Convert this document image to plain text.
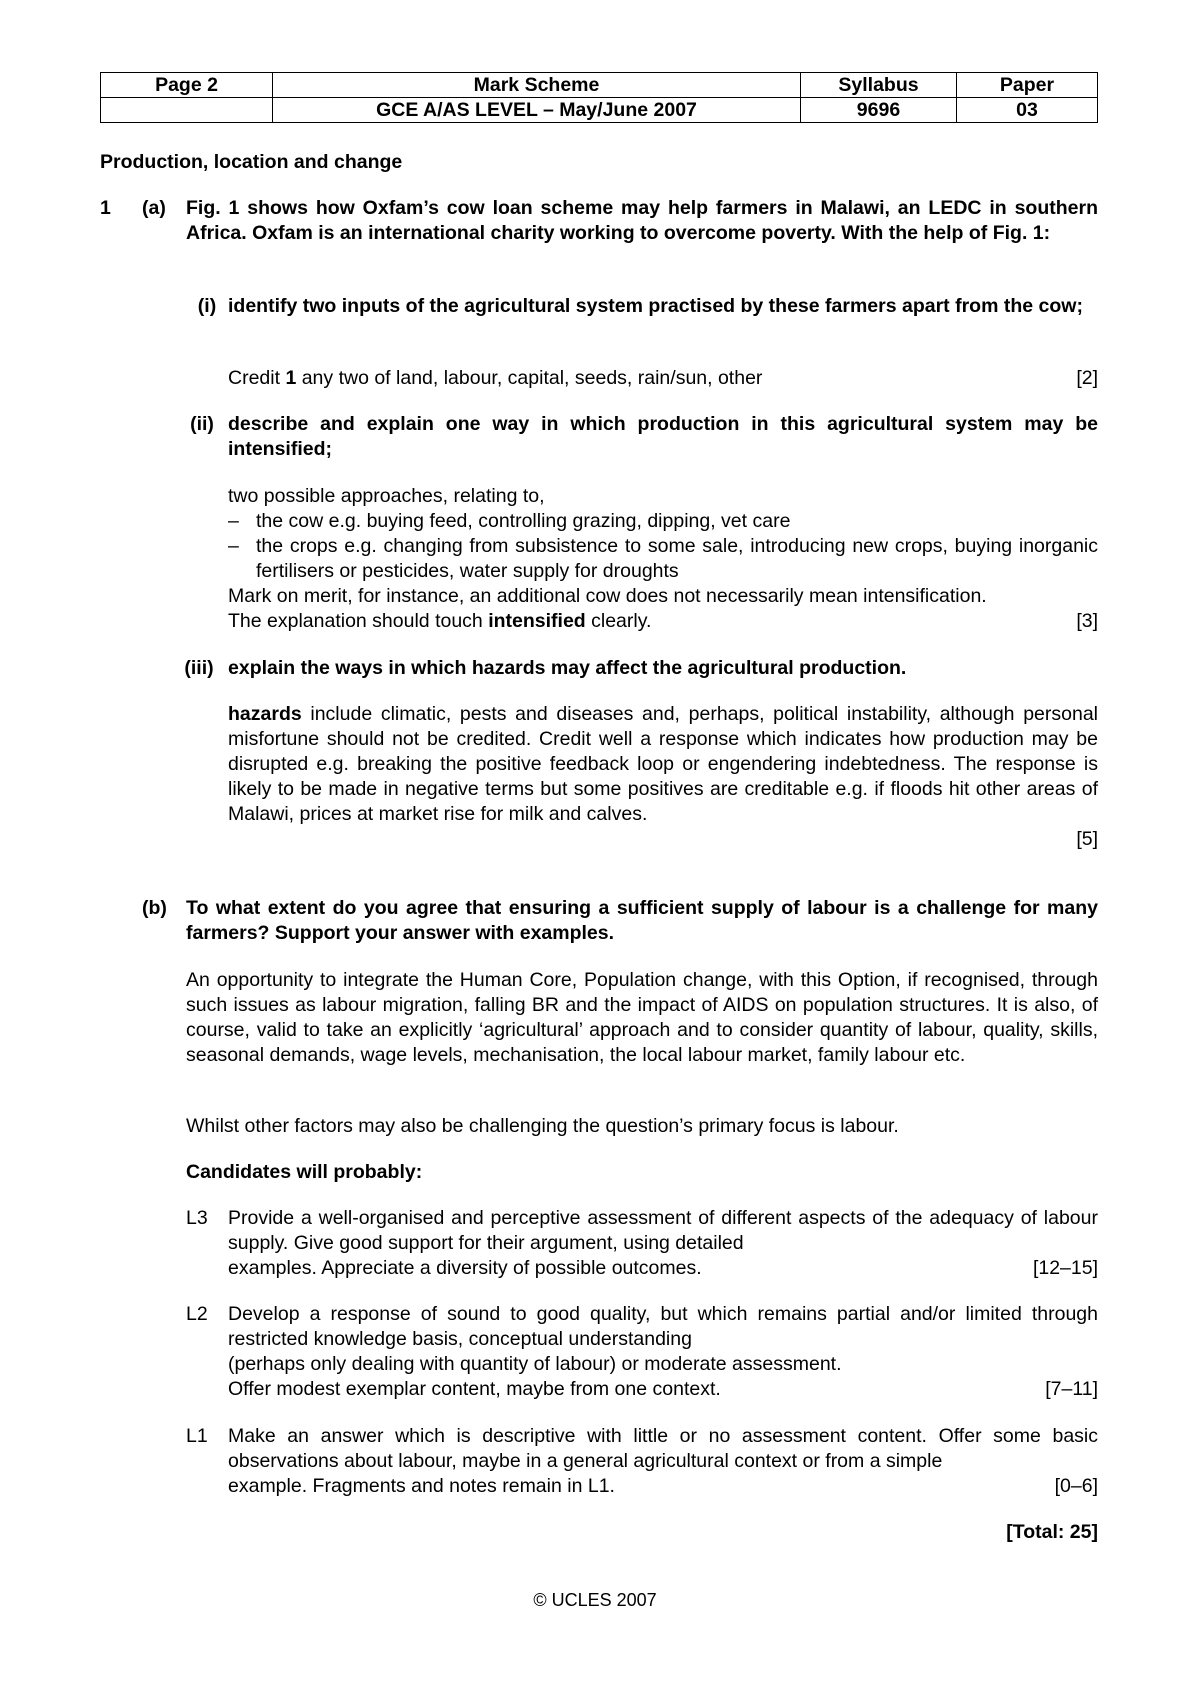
Page 2	Mark Scheme	Syllabus	Paper
	GCE A/AS LEVEL – May/June 2007	9696	03
Production, location and change
1 (a) Fig. 1 shows how Oxfam’s cow loan scheme may help farmers in Malawi, an LEDC in southern Africa. Oxfam is an international charity working to overcome poverty. With the help of Fig. 1:
(i) identify two inputs of the agricultural system practised by these farmers apart from the cow;
Credit 1 any two of land, labour, capital, seeds, rain/sun, other	[2]
(ii) describe and explain one way in which production in this agricultural system may be intensified;
two possible approaches, relating to,
– the cow e.g. buying feed, controlling grazing, dipping, vet care
– the crops e.g. changing from subsistence to some sale, introducing new crops, buying inorganic fertilisers or pesticides, water supply for droughts
Mark on merit, for instance, an additional cow does not necessarily mean intensification.
The explanation should touch intensified clearly.	[3]
(iii) explain the ways in which hazards may affect the agricultural production.
hazards include climatic, pests and diseases and, perhaps, political instability, although personal misfortune should not be credited. Credit well a response which indicates how production may be disrupted e.g. breaking the positive feedback loop or engendering indebtedness. The response is likely to be made in negative terms but some positives are creditable e.g. if floods hit other areas of Malawi, prices at market rise for milk and calves.
[5]
(b) To what extent do you agree that ensuring a sufficient supply of labour is a challenge for many farmers? Support your answer with examples.
An opportunity to integrate the Human Core, Population change, with this Option, if recognised, through such issues as labour migration, falling BR and the impact of AIDS on population structures. It is also, of course, valid to take an explicitly ‘agricultural’ approach and to consider quantity of labour, quality, skills, seasonal demands, wage levels, mechanisation, the local labour market, family labour etc.
Whilst other factors may also be challenging the question’s primary focus is labour.
Candidates will probably:
L3	Provide a well-organised and perceptive assessment of different aspects of the adequacy of labour supply. Give good support for their argument, using detailed
examples. Appreciate a diversity of possible outcomes.	[12–15]
L2	Develop a response of sound to good quality, but which remains partial and/or limited through restricted knowledge basis, conceptual understanding
(perhaps only dealing with quantity of labour) or moderate assessment.
Offer modest exemplar content, maybe from one context.	[7–11]
L1	Make an answer which is descriptive with little or no assessment content. Offer some basic observations about labour, maybe in a general agricultural context or from a simple
example. Fragments and notes remain in L1.	[0–6]
[Total: 25]
© UCLES 2007
